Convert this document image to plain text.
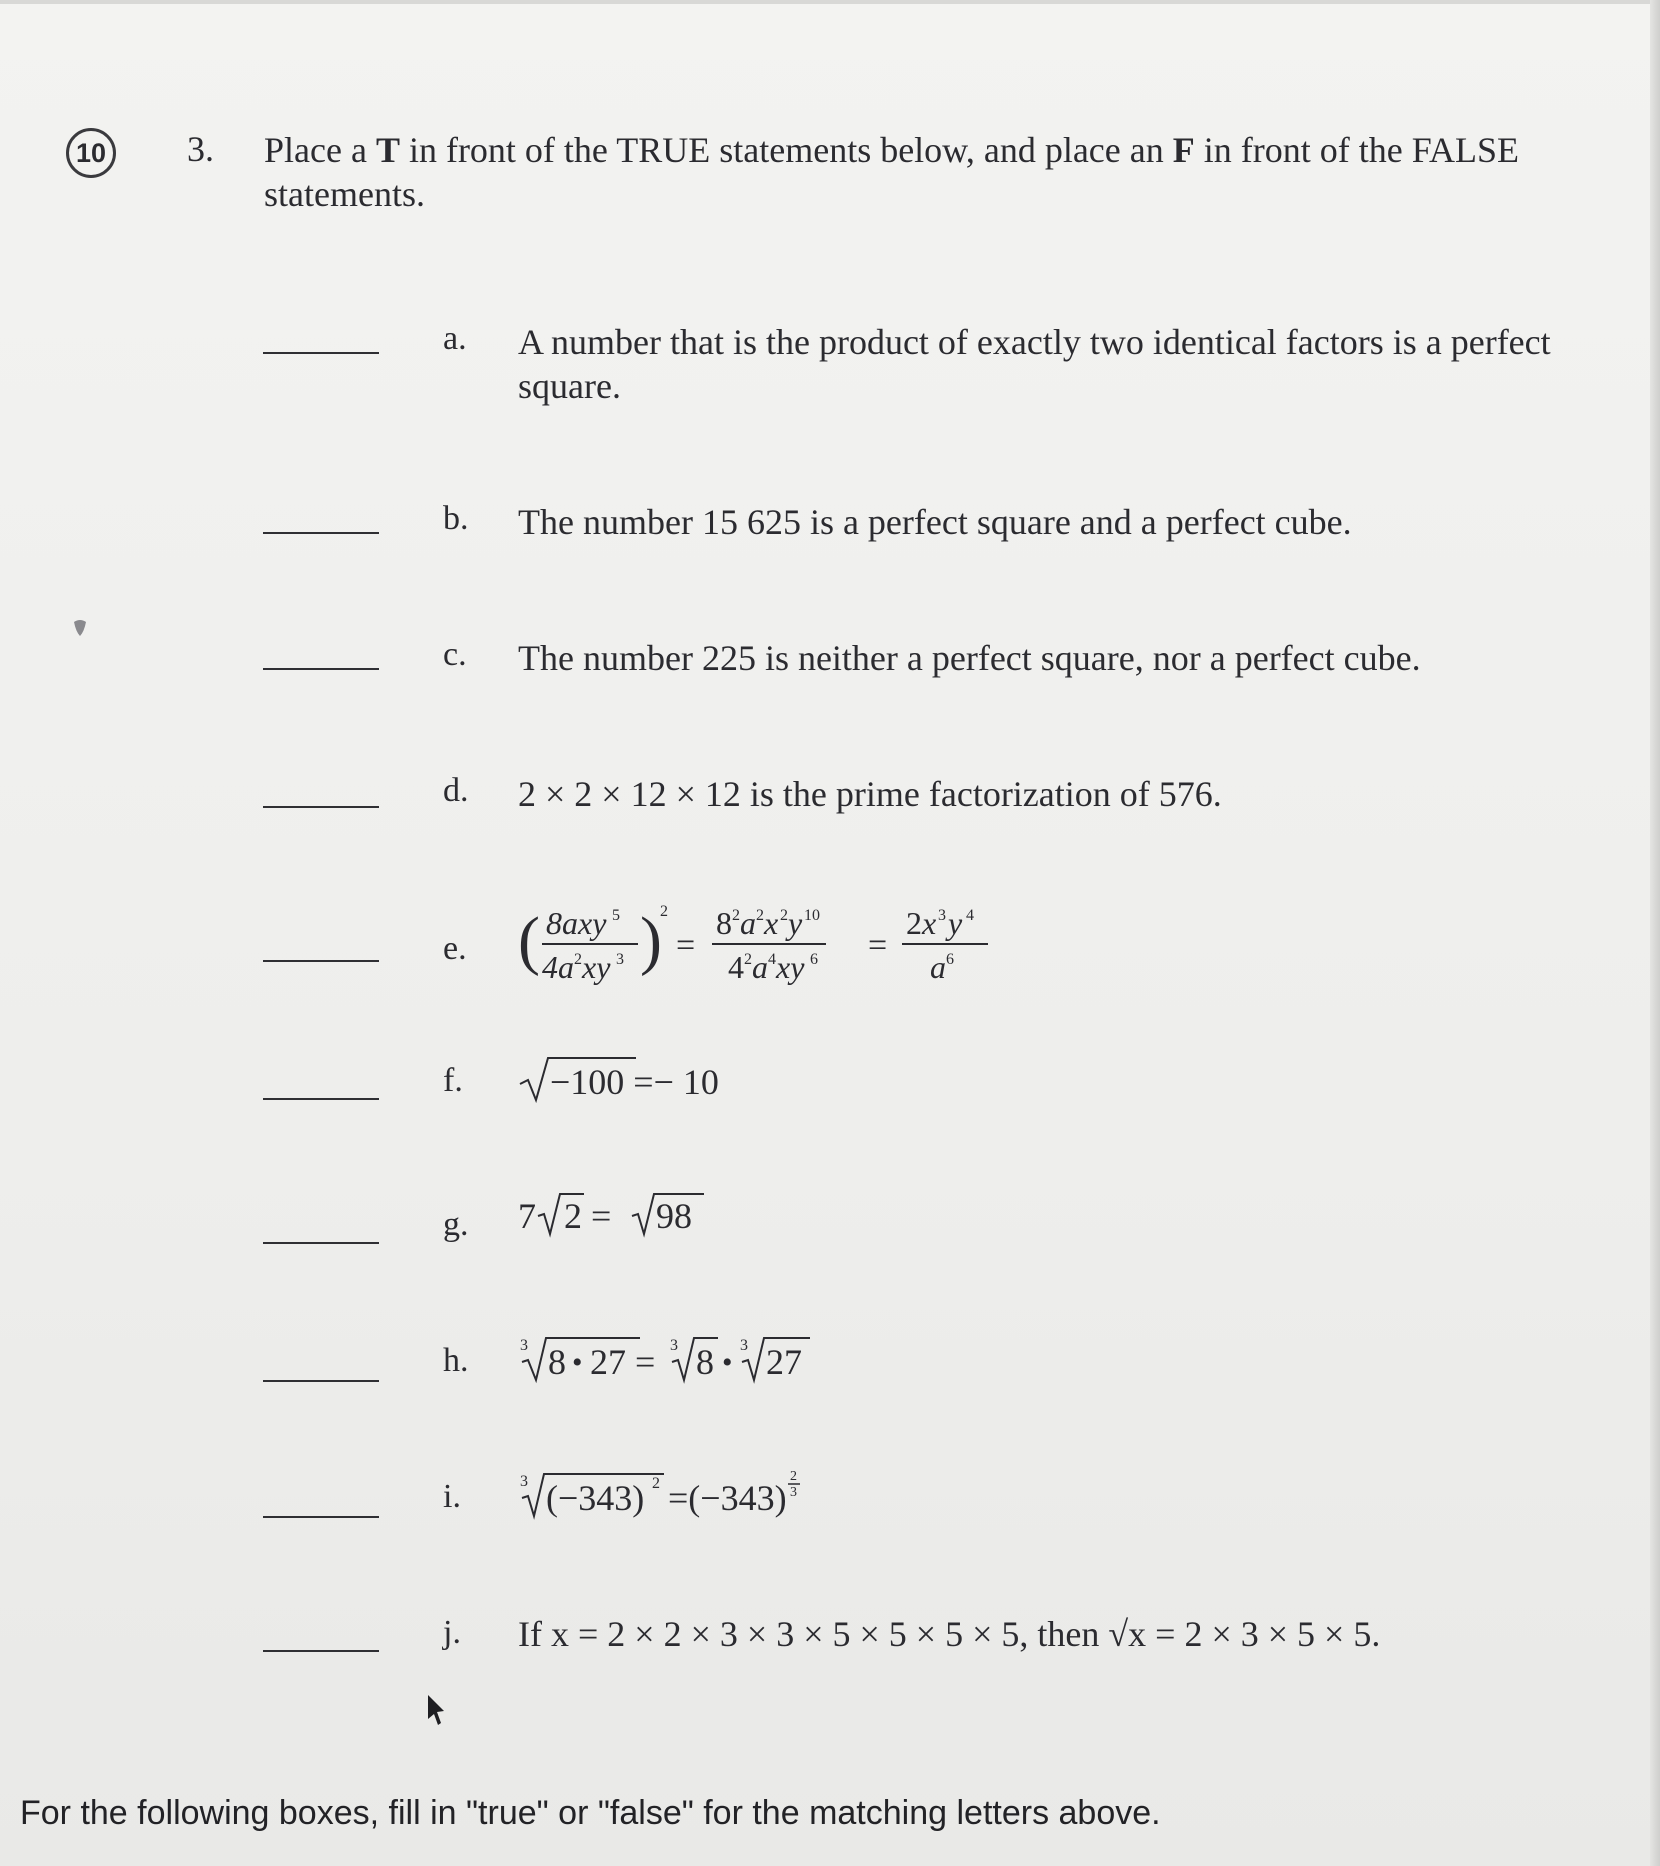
10 3. Place a T in front of the TRUE statements below, and place an F in front of the FALSE statements.
a. A number that is the product of exactly two identical factors is a perfect square.
b. The number 15 625 is a perfect square and a perfect cube.
c. The number 225 is neither a perfect square, nor a perfect cube.
d. 2 × 2 × 12 × 12 is the prime factorization of 576.
e. ( 8axy 5
4a 2 xy 3 )
2
=
8 2 a 2 x 2 y 10
4 2 a 4 xy 6 =
2 x 3 y 4
a 6
f. −100 =− 10
g. 7 2 = 98
h.	3 8 • 27 = 3 8 •
3 27
i.	3 (−343) 2 =(−343)
2
3
j. If x = 2 × 2 × 3 × 3 × 5 × 5 × 5 × 5, then √x = 2 × 3 × 5 × 5.
For the following boxes, fill in "true" or "false" for the matching letters above.
